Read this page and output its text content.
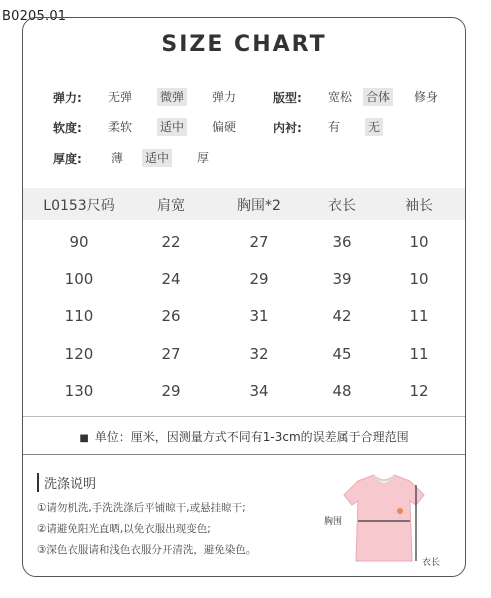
B0205.01
SIZE CHART
弹力:	无弹 微弹 弹力	版型:	宽松 合体 修身
软度:	柔软 适中 偏硬	内衬:	有 无
厚度:	薄 适中 厚
L0153尺码	肩宽	胸围*2	衣长	袖长
90	22	27	36	10
100	24	29	39	10
110	26	31	42	11
120	27	32	45	11
130	29	34	48	12
■ 单位：厘米，因测量方式不同有1-3cm的误差属于合理范围
洗涤说明
①请勿机洗,手洗洗涤后平铺晾干,或悬挂晾干;
②请避免阳光直晒,以免衣服出现变色;
③深色衣服请和浅色衣服分开清洗，避免染色。
胸围
衣长
